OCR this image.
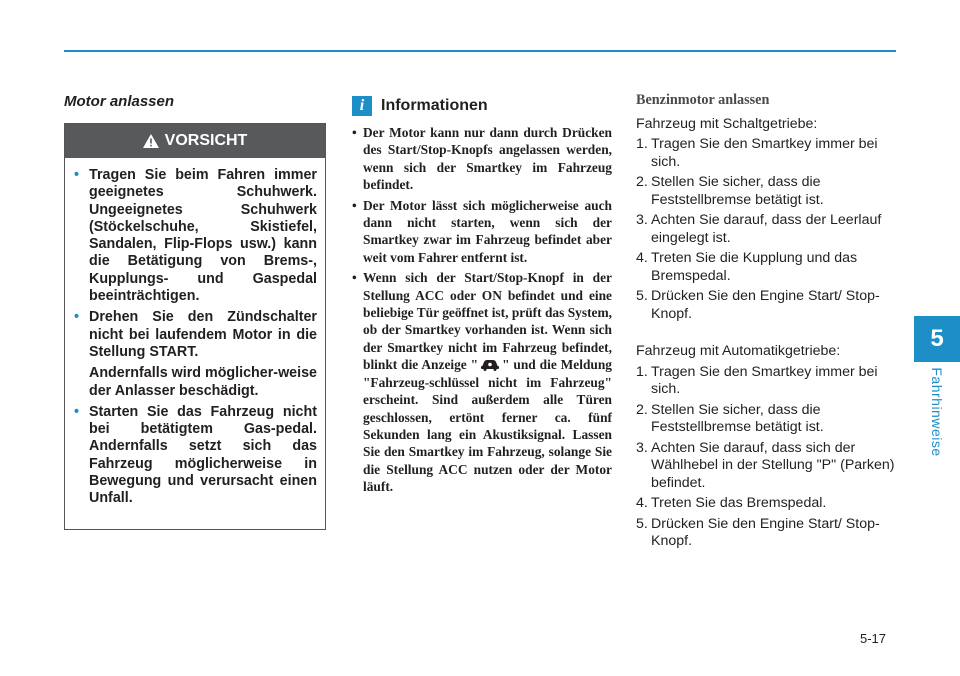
Motor anlassen
VORSICHT
• Tragen Sie beim Fahren immer geeignetes Schuhwerk. Ungeeignetes Schuhwerk (Stöckelschuhe, Skistiefel, Sandalen, Flip-Flops usw.) kann die Betätigung von Brems-, Kupplungs- und Gaspedal beeinträchtigen.
• Drehen Sie den Zündschalter nicht bei laufendem Motor in die Stellung START.

Andernfalls wird möglicher-weise der Anlasser beschädigt.

• Starten Sie das Fahrzeug nicht bei betätigtem Gas-pedal. Andernfalls setzt sich das Fahrzeug möglicherweise in Bewegung und verursacht einen Unfall.
i	Informationen
• Der Motor kann nur dann durch Drücken des Start/Stop-Knopfs angelassen werden, wenn sich der Smartkey im Fahrzeug befindet.
• Der Motor lässt sich möglicherweise auch dann nicht starten, wenn sich der Smartkey zwar im Fahrzeug befindet aber weit vom Fahrer entfernt ist.
• Wenn sich der Start/Stop-Knopf in der Stellung ACC oder ON befindet und eine beliebige Tür geöffnet ist, prüft das System, ob der Smartkey vorhanden ist. Wenn sich der Smartkey nicht im Fahrzeug befindet, blinkt die Anzeige " " und die Meldung "Fahrzeug-schlüssel nicht im Fahrzeug" erscheint. Sind außerdem alle Türen geschlossen, ertönt ferner ca. fünf Sekunden lang ein Akustiksignal. Lassen Sie den Smartkey im Fahrzeug, solange Sie die Stellung ACC nutzen oder der Motor läuft.
Benzinmotor anlassen
Fahrzeug mit Schaltgetriebe:
1. Tragen Sie den Smartkey immer bei sich.
2. Stellen Sie sicher, dass die Feststellbremse betätigt ist.
3. Achten Sie darauf, dass der Leerlauf eingelegt ist.
4. Treten Sie die Kupplung und das Bremspedal.
5. Drücken Sie den Engine Start/ Stop-Knopf.
Fahrzeug mit Automatikgetriebe:
1. Tragen Sie den Smartkey immer bei sich.
2. Stellen Sie sicher, dass die Feststellbremse betätigt ist.
3. Achten Sie darauf, dass sich der Wählhebel in der Stellung "P" (Parken) befindet.
4. Treten Sie das Bremspedal.
5. Drücken Sie den Engine Start/ Stop-Knopf.
5
Fahrhinweise
5-17
